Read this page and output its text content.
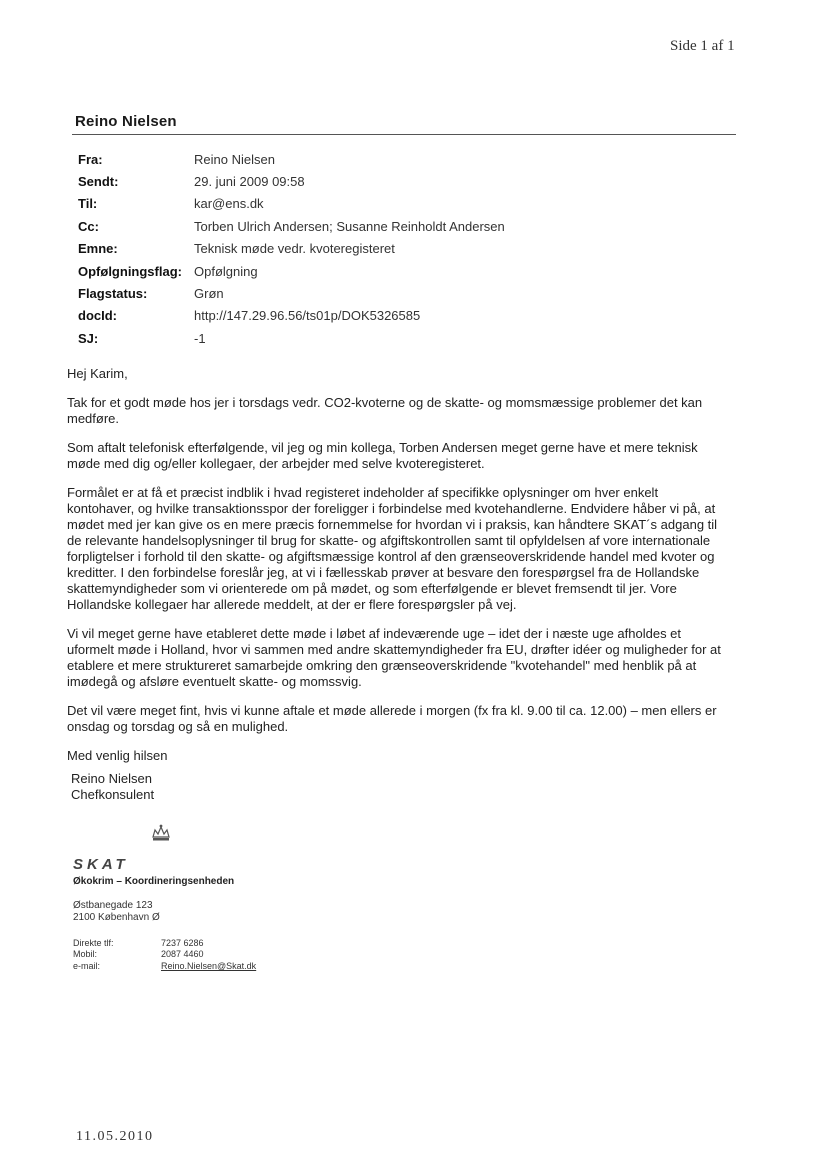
Side 1 af 1
Reino Nielsen
Fra:	Reino Nielsen
Sendt:	29. juni 2009 09:58
Til:	kar@ens.dk
Cc:	Torben Ulrich Andersen; Susanne Reinholdt Andersen
Emne:	Teknisk møde vedr. kvoteregisteret
Opfølgningsflag: Opfølgning
Flagstatus:	Grøn
docId:	http://147.29.96.56/ts01p/DOK5326585
SJ:	-1

Hej Karim,

Tak for et godt møde hos jer i torsdags vedr. CO2-kvoterne og de skatte- og momsmæssige problemer det kan medføre.

Som aftalt telefonisk efterfølgende, vil jeg og min kollega, Torben Andersen meget gerne have et mere teknisk møde med dig og/eller kollegaer, der arbejder med selve kvoteregisteret.

Formålet er at få et præcist indblik i hvad registeret indeholder af specifikke oplysninger om hver enkelt kontohaver, og hvilke transaktionsspor der foreligger i forbindelse med kvotehandlerne. Endvidere håber vi på, at mødet med jer kan give os en mere præcis fornemmelse for hvordan vi i praksis, kan håndtere SKAT´s adgang til de relevante handelsoplysninger til brug for skatte- og afgiftskontrollen samt til opfyldelsen af vore internationale forpligtelser i forhold til den skatte- og afgiftsmæssige kontrol af den grænseoverskridende handel med kvoter og kreditter. I den forbindelse foreslår jeg, at vi i fællesskab prøver at besvare den forespørgsel fra de Hollandske skattemyndigheder som vi orienterede om på mødet, og som efterfølgende er blevet fremsendt til jer. Vore Hollandske kollegaer har allerede meddelt, at der er flere forespørgsler på vej.

Vi vil meget gerne have etableret dette møde i løbet af indeværende uge – idet der i næste uge afholdes et uformelt møde i Holland, hvor vi sammen med andre skattemyndigheder fra EU, drøfter idéer og muligheder for at etablere et mere struktureret samarbejde omkring den grænseoverskridende "kvotehandel" med henblik på at imødegå og afsløre eventuelt skatte- og momssvig.

Det vil være meget fint, hvis vi kunne aftale et møde allerede i morgen (fx fra kl. 9.00 til ca. 12.00) – men ellers er onsdag og torsdag og så en mulighed.

Med venlig hilsen

Reino Nielsen
Chefkonsulent
SKAT
Økokrim – Koordineringsenheden
Østbanegade 123
2100 København Ø
Direkte tlf:	7237 6286
Mobil:	2087 4460
e-mail:	Reino.Nielsen@Skat.dk
11.05.2010
